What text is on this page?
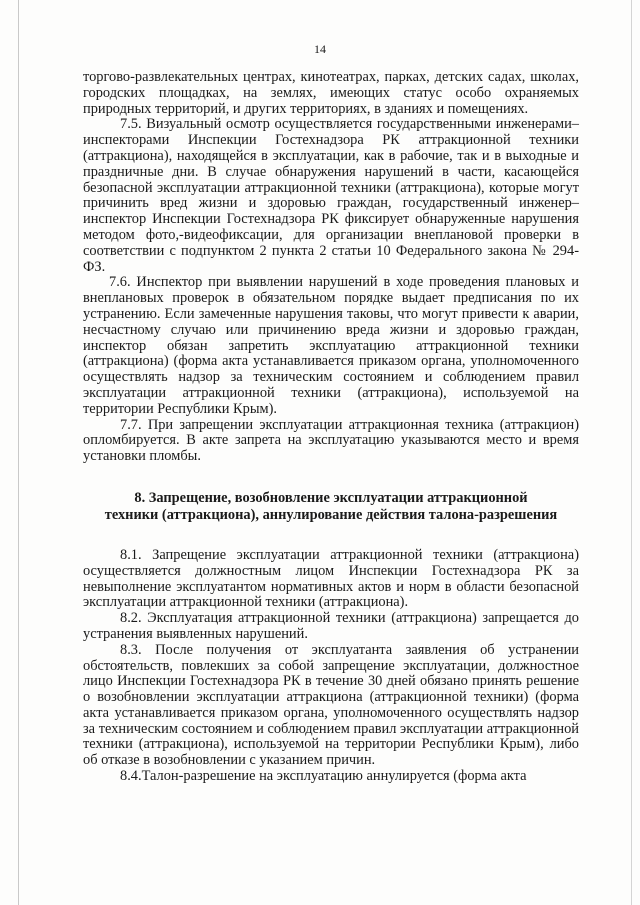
14

торгово-развлекательных центрах, кинотеатрах, парках, детских садах, школах, городских площадках, на землях, имеющих статус особо охраняемых природных территорий, и других территориях, в зданиях и помещениях.

7.5. Визуальный осмотр осуществляется государственными инженерами–инспекторами Инспекции Гостехнадзора РК аттракционной техники (аттракциона), находящейся в эксплуатации, как в рабочие, так и в выходные и праздничные дни. В случае обнаружения нарушений в части, касающейся безопасной эксплуатации аттракционной техники (аттракциона), которые могут причинить вред жизни и здоровью граждан, государственный инженер–инспектор Инспекции Гостехнадзора РК фиксирует обнаруженные нарушения методом фото,-видеофиксации, для организации внеплановой проверки в соответствии с подпунктом 2 пункта 2 статьи 10 Федерального закона № 294-ФЗ.

7.6. Инспектор при выявлении нарушений в ходе проведения плановых и внеплановых проверок в обязательном порядке выдает предписания по их устранению. Если замеченные нарушения таковы, что могут привести к аварии, несчастному случаю или причинению вреда жизни и здоровью граждан, инспектор обязан запретить эксплуатацию аттракционной техники (аттракциона) (форма акта устанавливается приказом органа, уполномоченного осуществлять надзор за техническим состоянием и соблюдением правил эксплуатации аттракционной техники (аттракциона), используемой на территории Республики Крым).

7.7. При запрещении эксплуатации аттракционная техника (аттракцион) опломбируется. В акте запрета на эксплуатацию указываются место и время установки пломбы.

8. Запрещение, возобновление эксплуатации аттракционной
техники (аттракциона), аннулирование действия талона-разрешения

8.1. Запрещение эксплуатации аттракционной техники (аттракциона) осуществляется должностным лицом Инспекции Гостехнадзора РК за невыполнение эксплуатантом нормативных актов и норм в области безопасной эксплуатации аттракционной техники (аттракциона).

8.2. Эксплуатация аттракционной техники (аттракциона) запрещается до устранения выявленных нарушений.

8.3. После получения от эксплуатанта заявления об устранении обстоятельств, повлекших за собой запрещение эксплуатации, должностное лицо Инспекции Гостехнадзора РК в течение 30 дней обязано принять решение о возобновлении эксплуатации аттракциона (аттракционной техники) (форма акта устанавливается приказом органа, уполномоченного осуществлять надзор за техническим состоянием и соблюдением правил эксплуатации аттракционной техники (аттракциона), используемой на территории Республики Крым), либо об отказе в возобновлении с указанием причин.

8.4.Талон-разрешение на эксплуатацию аннулируется (форма акта
